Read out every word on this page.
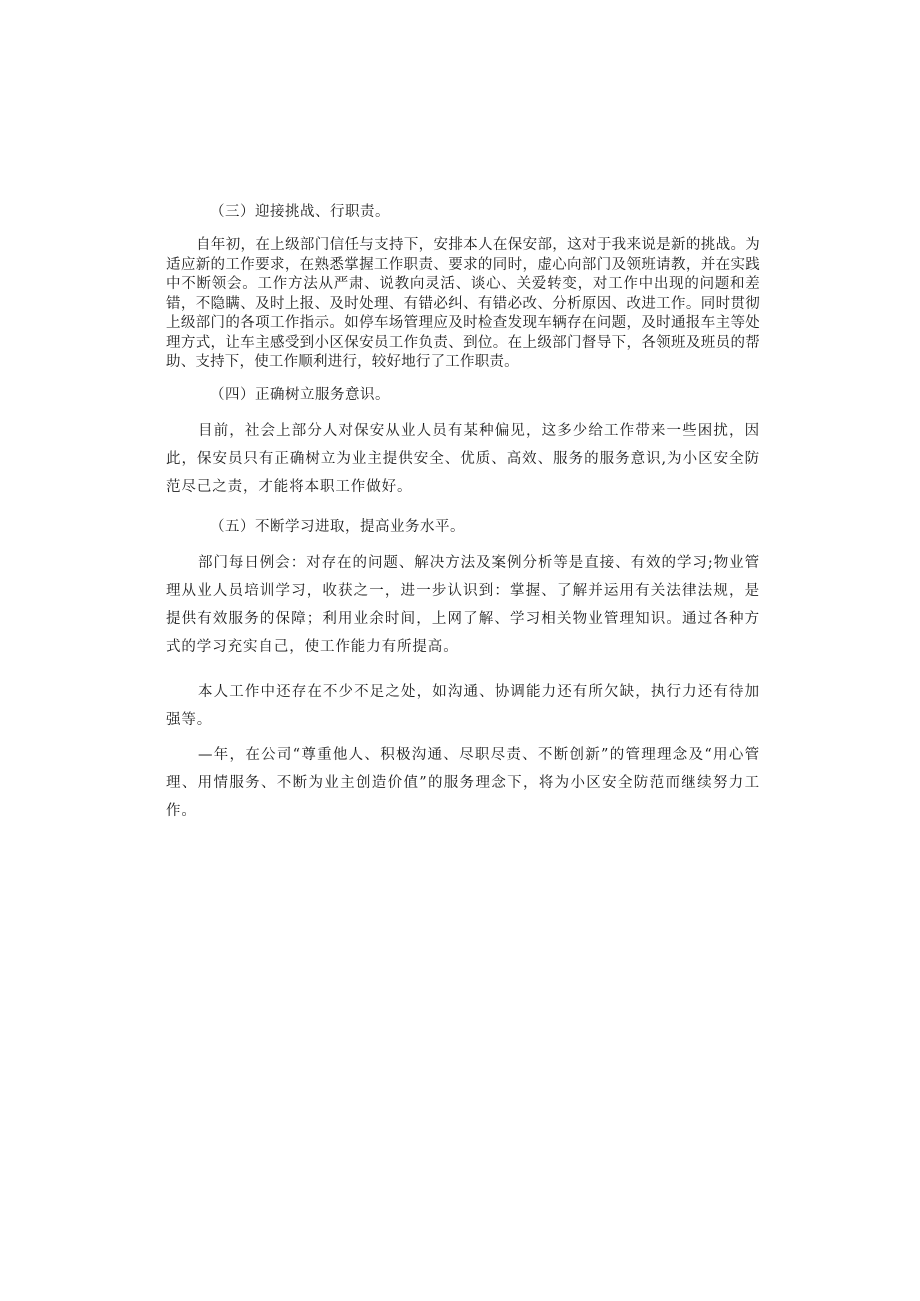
（三）迎接挑战、行职责。

自年初，在上级部门信任与支持下，安排本人在保安部，这对于我来说是新的挑战。为适应新的工作要求，在熟悉掌握工作职责、要求的同时，虚心向部门及领班请教，并在实践中不断领会。工作方法从严肃、说教向灵活、谈心、关爱转变，对工作中出现的问题和差错，不隐瞒、及时上报、及时处理、有错必纠、有错必改、分析原因、改进工作。同时贯彻上级部门的各项工作指示。如停车场管理应及时检查发现车辆存在问题，及时通报车主等处理方式，让车主感受到小区保安员工作负责、到位。在上级部门督导下，各领班及班员的帮助、支持下，使工作顺利进行，较好地行了工作职责。

（四）正确树立服务意识。

目前，社会上部分人对保安从业人员有某种偏见，这多少给工作带来一些困扰，因此，保安员只有正确树立为业主提供安全、优质、高效、服务的服务意识,为小区安全防范尽己之责，才能将本职工作做好。

（五）不断学习进取，提高业务水平。

部门每日例会：对存在的问题、解决方法及案例分析等是直接、有效的学习;物业管理从业人员培训学习，收获之一，进一步认识到：掌握、了解并运用有关法律法规，是提供有效服务的保障；利用业余时间，上网了解、学习相关物业管理知识。通过各种方式的学习充实自己，使工作能力有所提高。

本人工作中还存在不少不足之处，如沟通、协调能力还有所欠缺，执行力还有待加强等。

—年，在公司“尊重他人、积极沟通、尽职尽责、不断创新”的管理理念及“用心管理、用情服务、不断为业主创造价值”的服务理念下，将为小区安全防范而继续努力工作。
